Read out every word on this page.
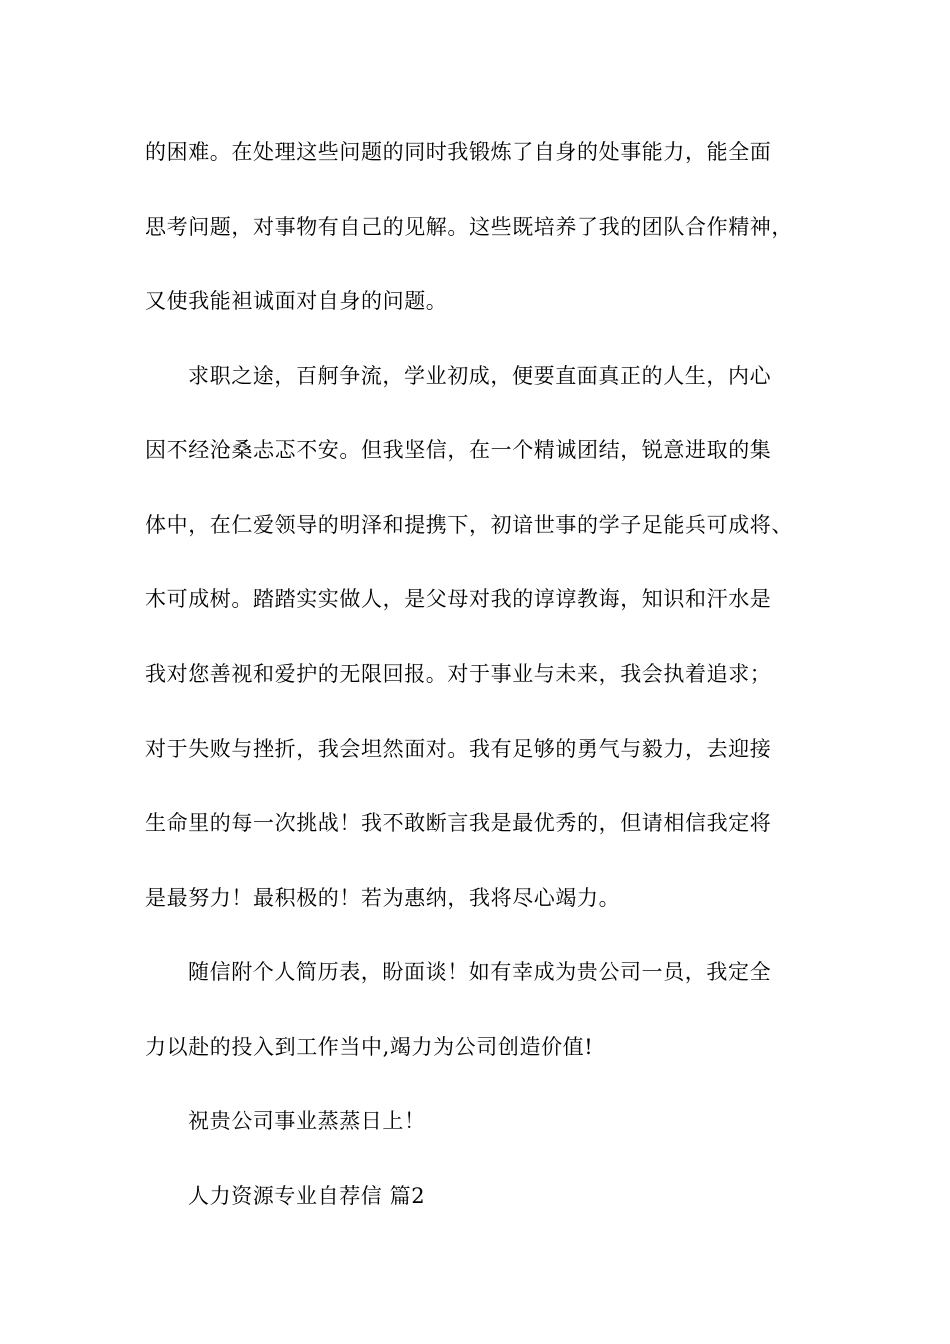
的困难。在处理这些问题的同时我锻炼了自身的处事能力，能全面
思考问题，对事物有自己的见解。这些既培养了我的团队合作精神，
又使我能袒诚面对自身的问题。
求职之途，百舸争流，学业初成，便要直面真正的人生，内心
因不经沧桑忐忑不安。但我坚信，在一个精诚团结，锐意进取的集
体中，在仁爱领导的明泽和提携下，初谙世事的学子足能兵可成将、
木可成树。踏踏实实做人，是父母对我的谆谆教诲，知识和汗水是
我对您善视和爱护的无限回报。对于事业与未来，我会执着追求；
对于失败与挫折，我会坦然面对。我有足够的勇气与毅力，去迎接
生命里的每一次挑战！我不敢断言我是最优秀的，但请相信我定将
是最努力！最积极的！若为惠纳，我将尽心竭力。
随信附个人简历表，盼面谈！如有幸成为贵公司一员，我定全
力以赴的投入到工作当中,竭力为公司创造价值!
祝贵公司事业蒸蒸日上！
人力资源专业自荐信 篇2
